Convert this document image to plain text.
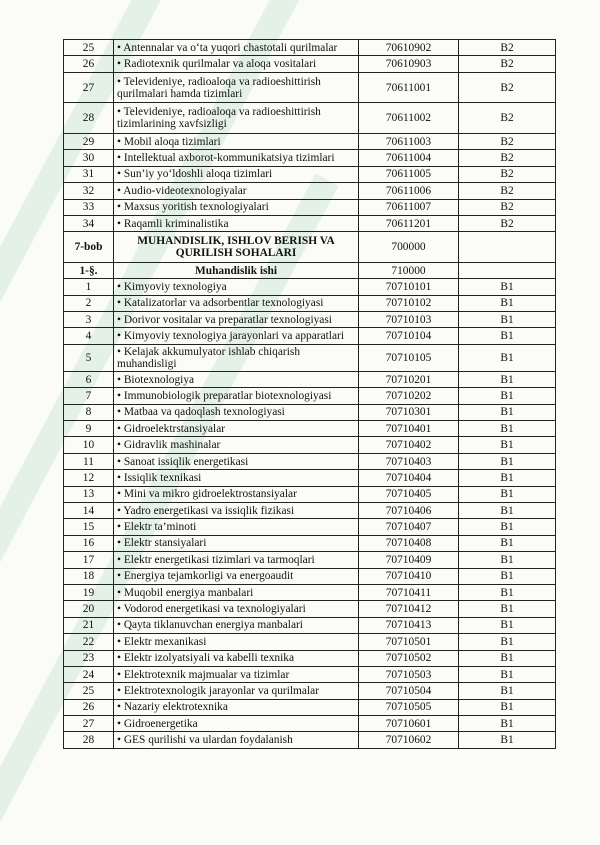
25	• Antennalar va o‘ta yuqori chastotali qurilmalar	70610902	B2
26	• Radiotexnik qurilmalar va aloqa vositalari	70610903	B2
27	• Televideniye, radioaloqa va radioeshittirish qurilmalari hamda tizimlari	70611001	B2
28	• Televideniye, radioaloqa va radioeshittirish tizimlarining xavfsizligi	70611002	B2
29	• Mobil aloqa tizimlari	70611003	B2
30	• Intellektual axborot-kommunikatsiya tizimlari	70611004	B2
31	• Sun’iy yo‘ldoshli aloqa tizimlari	70611005	B2
32	• Audio-videotexnologiyalar	70611006	B2
33	• Maxsus yoritish texnologiyalari	70611007	B2
34	• Raqamli kriminalistika	70611201	B2
7-bob	MUHANDISLIK, ISHLOV BERISH VA QURILISH SOHALARI	700000	
1-§.	Muhandislik ishi	710000	
1	• Kimyoviy texnologiya	70710101	B1
2	• Katalizatorlar va adsorbentlar texnologiyasi	70710102	B1
3	• Dorivor vositalar va preparatlar texnologiyasi	70710103	B1
4	• Kimyoviy texnologiya jarayonlari va apparatlari	70710104	B1
5	• Kelajak akkumulyator ishlab chiqarish muhandisligi	70710105	B1
6	• Biotexnologiya	70710201	B1
7	• Immunobiologik preparatlar biotexnologiyasi	70710202	B1
8	• Matbaa va qadoqlash texnologiyasi	70710301	B1
9	• Gidroelektrstansiyalar	70710401	B1
10	• Gidravlik mashinalar	70710402	B1
11	• Sanoat issiqlik energetikasi	70710403	B1
12	• Issiqlik texnikasi	70710404	B1
13	• Mini va mikro gidroelektrostansiyalar	70710405	B1
14	• Yadro energetikasi va issiqlik fizikasi	70710406	B1
15	• Elektr ta’minoti	70710407	B1
16	• Elektr stansiyalari	70710408	B1
17	• Elektr energetikasi tizimlari va tarmoqlari	70710409	B1
18	• Energiya tejamkorligi va energoaudit	70710410	B1
19	• Muqobil energiya manbalari	70710411	B1
20	• Vodorod energetikasi va texnologiyalari	70710412	B1
21	• Qayta tiklanuvchan energiya manbalari	70710413	B1
22	• Elektr mexanikasi	70710501	B1
23	• Elektr izolyatsiyali va kabelli texnika	70710502	B1
24	• Elektrotexnik majmualar va tizimlar	70710503	B1
25	• Elektrotexnologik jarayonlar va qurilmalar	70710504	B1
26	• Nazariy elektrotexnika	70710505	B1
27	• Gidroenergetika	70710601	B1
28	• GES qurilishi va ulardan foydalanish	70710602	B1
